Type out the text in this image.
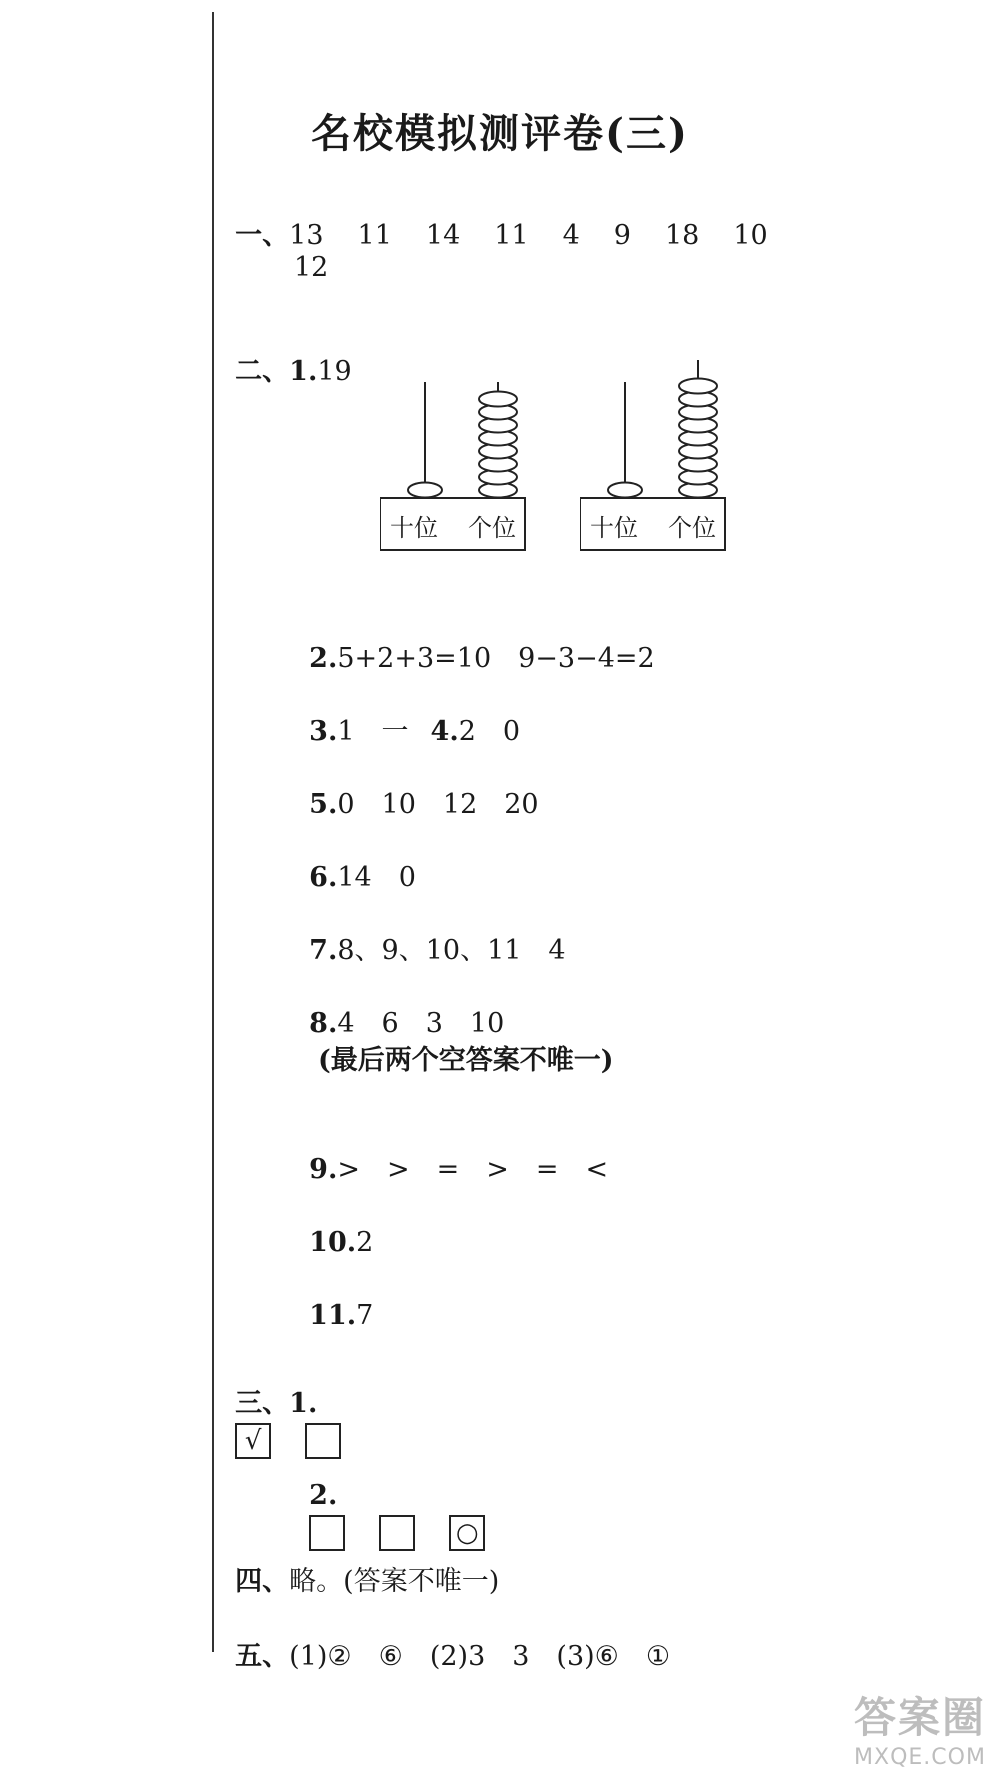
名校模拟测评卷(三)

一、13 11 14 11 4 9 18 10

12

二、1.19

十位 个位	十位 个位

2.5+2+3=10　9−3−4=2

3.1　一 4.2　0

5.0　10　12　20

6.14　0

7.8、9、10、11　4

8.4　6　3　10

(最后两个空答案不唯一)

9.>　>　=　>　=　<

10.2

11.7

三、1.

√

2.

○

四、略。(答案不唯一)

五、(1)②　⑥　(2)3　3　(3)⑥　①

答案圈
MXQE.COM
